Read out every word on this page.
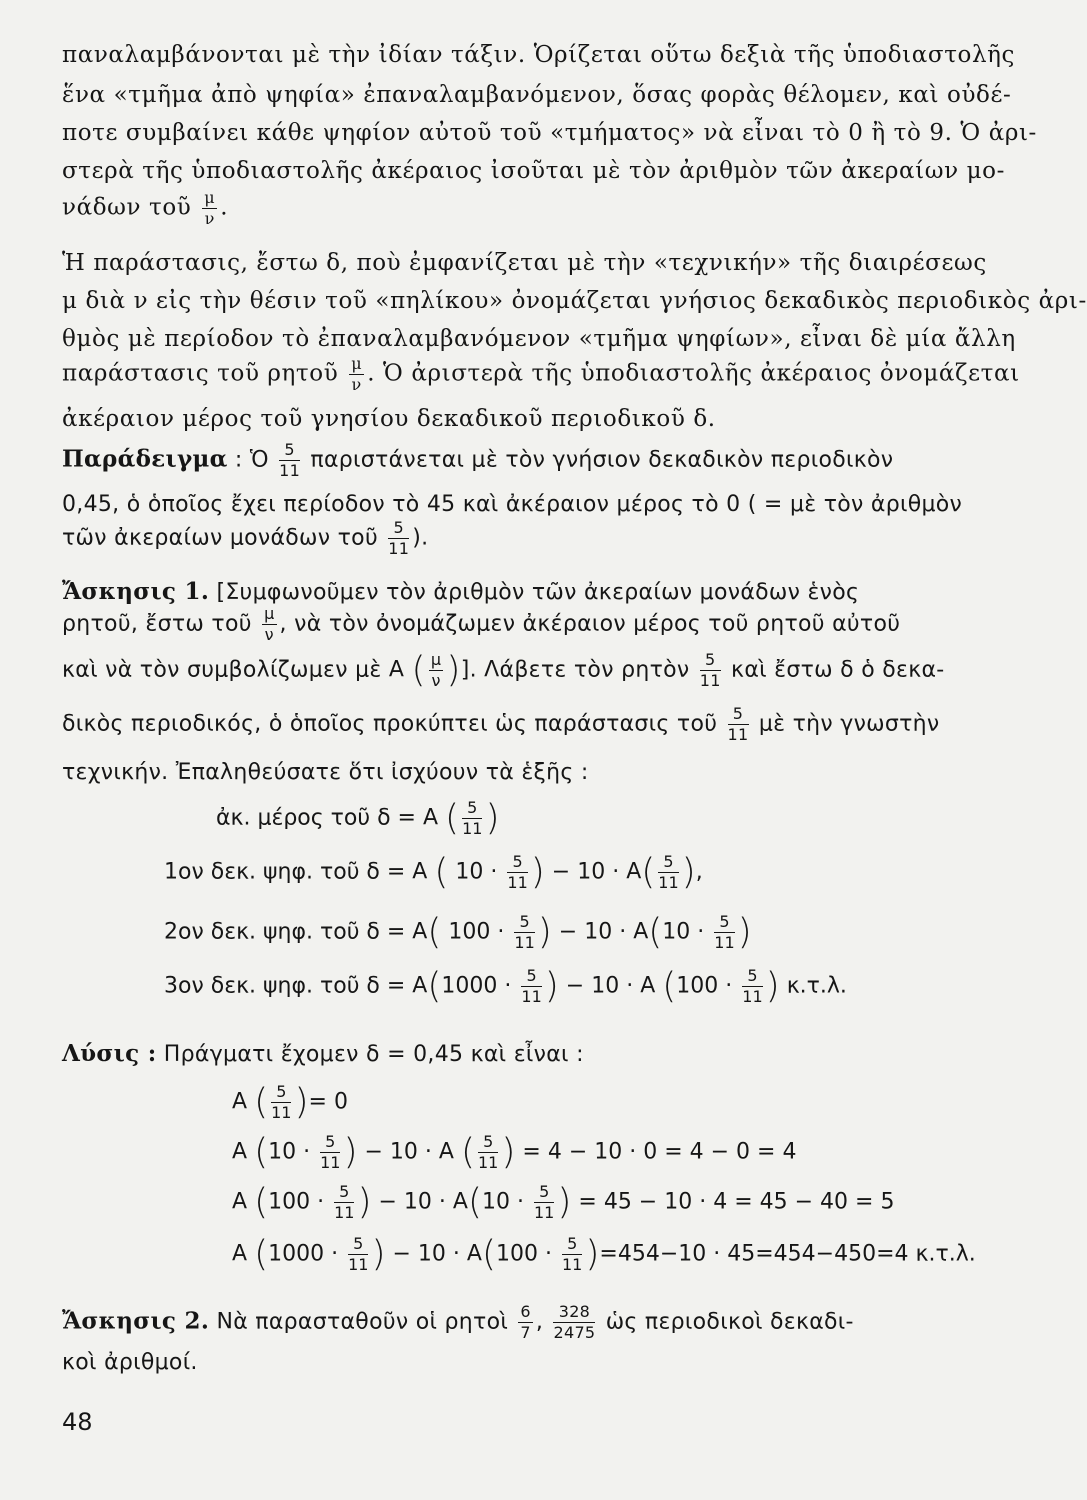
παναλαμβάνονται μὲ τὴν ἰδίαν τάξιν. Ὁρίζεται οὕτω δεξιὰ τῆς ὑποδιαστολῆς
ἕνα «τμῆμα ἀπὸ ψηφία» ἐπαναλαμβανόμενον, ὅσας φορὰς θέλομεν, καὶ οὐδέ-
ποτε συμβαίνει κάθε ψηφίον αὐτοῦ τοῦ «τμήματος» νὰ εἶναι τὸ 0 ἢ τὸ 9. Ὁ ἀρι-
στερὰ τῆς ὑποδιαστολῆς ἀκέραιος ἰσοῦται μὲ τὸν ἀριθμὸν τῶν ἀκεραίων μο-
νάδων τοῦ $\frac{\mu}{\nu}$ .
Ἡ παράστασις, ἔστω δ, ποὺ ἐμφανίζεται μὲ τὴν «τεχνικήν» τῆς διαιρέσεως
μ διὰ ν εἰς τὴν θέσιν τοῦ «πηλίκου» ὀνομάζεται γνήσιος δεκαδικὸς περιοδικὸς ἀρι-
θμὸς μὲ περίοδον τὸ ἐπαναλαμβανόμενον «τμῆμα ψηφίων», εἶναι δὲ μία ἄλλη
παράστασις τοῦ ρητοῦ $\frac{\mu}{\nu}$ . Ὁ ἀριστερὰ τῆς ὑποδιαστολῆς ἀκέραιος ὀνομάζεται
ἀκέραιον μέρος τοῦ γνησίου δεκαδικοῦ περιοδικοῦ δ.
Παράδειγμα : Ὁ $\frac{5}{11}$ παριστάνεται μὲ τὸν γνήσιον δεκαδικὸν περιοδικὸν
0,45, ὁ ὁποῖος ἔχει περίοδον τὸ 45 καὶ ἀκέραιον μέρος τὸ 0 ( = μὲ τὸν ἀριθμὸν
τῶν ἀκεραίων μονάδων τοῦ $\frac{5}{11}$ ).
Ἄσκησις 1. [Συμφωνοῦμεν τὸν ἀριθμὸν τῶν ἀκεραίων μονάδων ἑνὸς
ρητοῦ, ἔστω τοῦ $\frac{\mu}{\nu}$ , νὰ τὸν ὀνομάζωμεν ἀκέραιον μέρος τοῦ ρητοῦ αὐτοῦ
καὶ νὰ τὸν συμβολίζωμεν μὲ Α ( $\frac{\mu}{\nu}$ )]. Λάβετε τὸν ρητὸν $\frac{5}{11}$ καὶ ἔστω δ ὁ δεκα-
δικὸς περιοδικός, ὁ ὁποῖος προκύπτει ὡς παράστασις τοῦ $\frac{5}{11}$ μὲ τὴν γνωστὴν
τεχνικήν. Ἐπαληθεύσατε ὅτι ἰσχύουν τὰ ἑξῆς :
ἀκ. μέρος τοῦ δ = Α ( $\frac{5}{11}$ )
1ον δεκ. ψηφ. τοῦ δ = Α ( $10 \cdot \frac{5}{11}$ ) − $10 \cdot A( \frac{5}{11}$ ),
2ον δεκ. ψηφ. τοῦ δ = Α( $100 \cdot \frac{5}{11}$ ) − $10 \cdot A(10 \cdot \frac{5}{11}$ )
3ον δεκ. ψηφ. τοῦ $\delta = A(1000 \cdot \frac{5}{11}$ ) − 10 · Α ($100 \cdot \frac{5}{11}$ ) κ.τ.λ.
Λύσις : Πράγματι ἔχομεν δ = 0,45 καὶ εἶναι :
Α ( $\frac{5}{11}$ )= 0
Α ($10 \cdot \frac{5}{11}$ ) − 10 · Α ( $\frac{5}{11}$ ) = 4 − 10 · 0 = 4 − 0 = 4
Α ($100 \cdot \frac{5}{11}$ ) − $10 \cdot A(10 \cdot \frac{5}{11}$ ) = 45 − 10 · 4 = 45 − 40 = 5
Α ($1000 \cdot \frac{5}{11}$ ) − $10 \cdot A(100 \cdot \frac{5}{11} )=454-10 \cdot 45=454-450=4$ κ.τ.λ.
Ἄσκησις 2. Νὰ παρασταθοῦν οἱ ρητοὶ $\frac{6}{7}$ , $\frac{328}{2475}$ ὡς περιοδικοὶ δεκαδι-
κοὶ ἀριθμοί.
48
